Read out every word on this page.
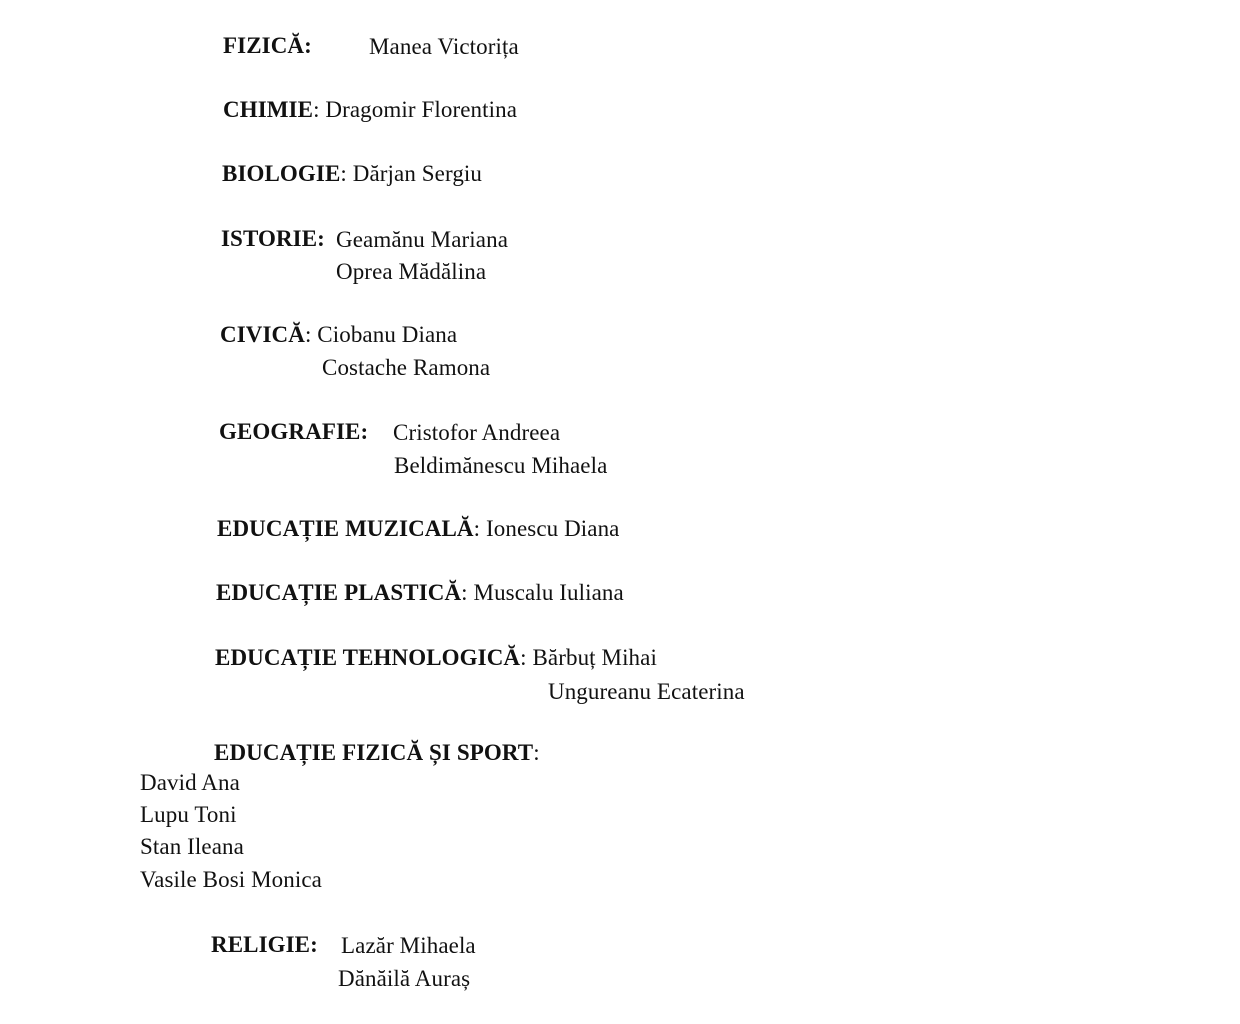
FIZICĂ: Manea Victorița
CHIMIE: Dragomir Florentina
BIOLOGIE: Dărjan Sergiu
ISTORIE: Geamănu Mariana
Oprea Mădălina
CIVICĂ: Ciobanu Diana
Costache Ramona
GEOGRAFIE: Cristofor Andreea
Beldimănescu Mihaela
EDUCAȚIE MUZICALĂ: Ionescu Diana
EDUCAȚIE PLASTICĂ: Muscalu Iuliana
EDUCAȚIE TEHNOLOGICĂ: Bărbuț Mihai
Ungureanu Ecaterina
EDUCAȚIE FIZICĂ ȘI SPORT:
David Ana
Lupu Toni
Stan Ileana
Vasile Bosi Monica
RELIGIE: Lazăr Mihaela
Dănăilă Auraș
